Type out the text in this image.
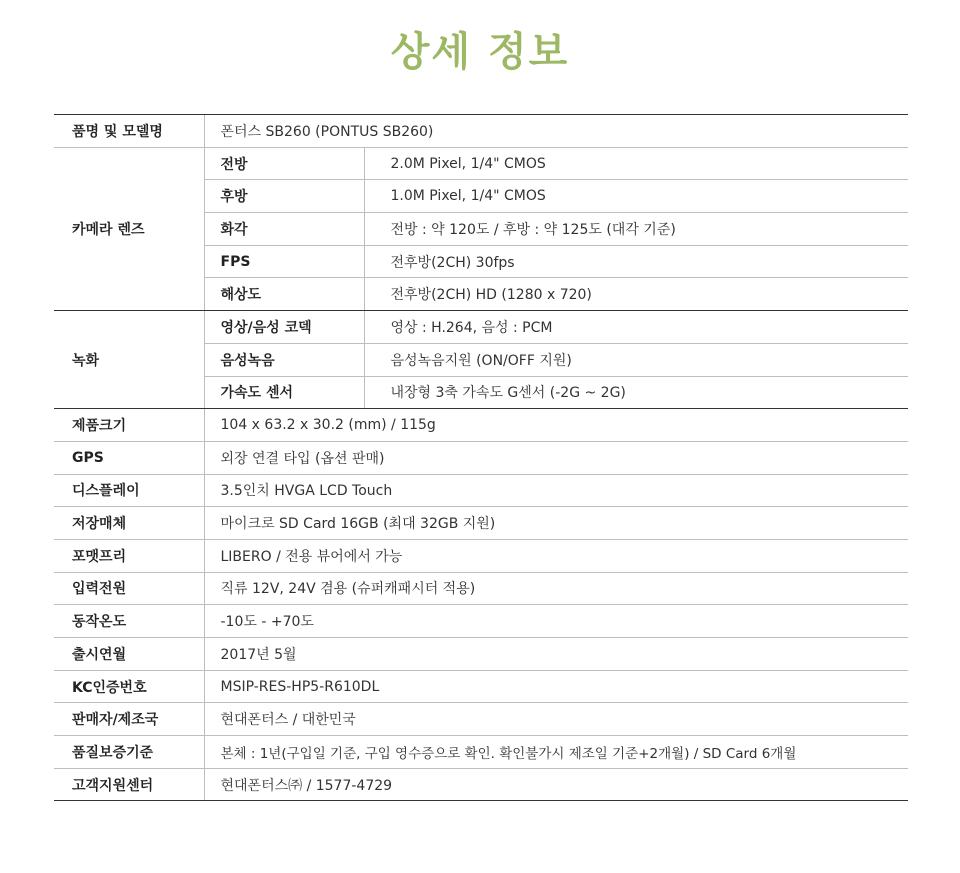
상세 정보
품명 및 모델명	폰터스 SB260 (PONTUS SB260)	
카메라 렌즈	전방	2.0M Pixel, 1/4" CMOS
	후방	1.0M Pixel, 1/4" CMOS
	화각	전방 : 약 120도 / 후방 : 약 125도 (대각 기준)
	FPS	전후방(2CH) 30fps
	해상도	전후방(2CH) HD (1280 x 720)
녹화	영상/음성 코덱	영상 : H.264, 음성 : PCM
	음성녹음	음성녹음지원 (ON/OFF 지원)
	가속도 센서	내장형 3축 가속도 G센서 (-2G ~ 2G)
제품크기	104 x 63.2 x 30.2 (mm) / 115g	
GPS	외장 연결 타입 (옵션 판매)	
디스플레이	3.5인치 HVGA LCD Touch	
저장매체	마이크로 SD Card 16GB (최대 32GB 지원)	
포맷프리	LIBERO / 전용 뷰어에서 가능	
입력전원	직류 12V, 24V 겸용 (슈퍼캐패시터 적용)	
동작온도	-10도 - +70도	
출시연월	2017년 5월	
KC인증번호	MSIP-RES-HP5-R610DL	
판매자/제조국	현대폰터스 / 대한민국	
품질보증기준	본체 : 1년(구입일 기준, 구입 영수증으로 확인. 확인불가시 제조일 기준+2개월) / SD Card 6개월	
고객지원센터	현대폰터스㈜ / 1577-4729	
